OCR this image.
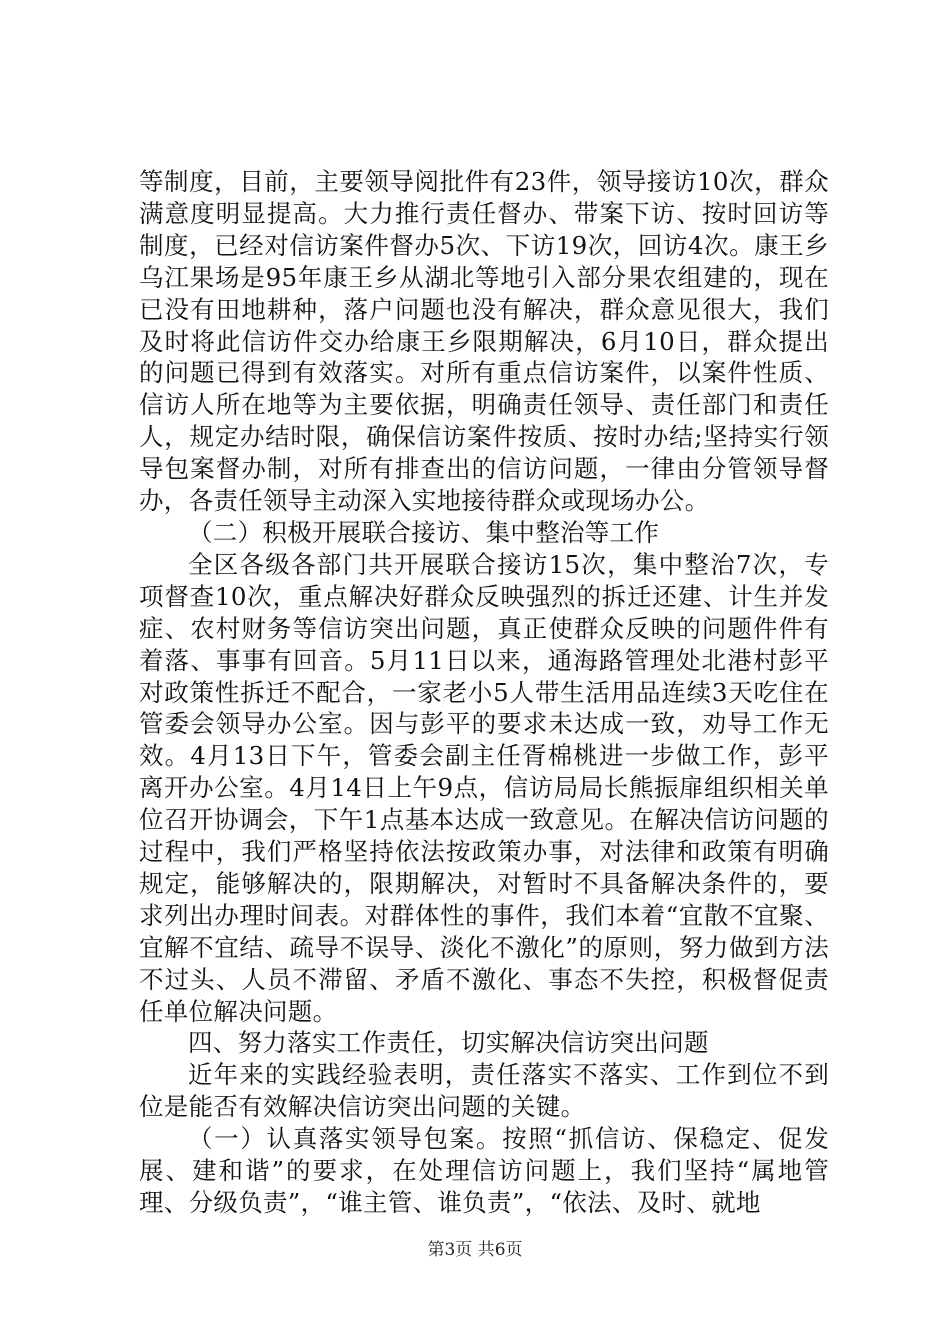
等制度，目前，主要领导阅批件有23件，领导接访10次，群众满意度明显提高。大力推行责任督办、带案下访、按时回访等制度，已经对信访案件督办5次、下访19次，回访4次。康王乡乌江果场是95年康王乡从湖北等地引入部分果农组建的，现在已没有田地耕种，落户问题也没有解决，群众意见很大，我们及时将此信访件交办给康王乡限期解决，6月10日，群众提出的问题已得到有效落实。对所有重点信访案件，以案件性质、信访人所在地等为主要依据，明确责任领导、责任部门和责任人，规定办结时限，确保信访案件按质、按时办结;坚持实行领导包案督办制，对所有排查出的信访问题，一律由分管领导督办，各责任领导主动深入实地接待群众或现场办公。

（二）积极开展联合接访、集中整治等工作

全区各级各部门共开展联合接访15次，集中整治7次，专项督查10次，重点解决好群众反映强烈的拆迁还建、计生并发症、农村财务等信访突出问题，真正使群众反映的问题件件有着落、事事有回音。5月11日以来，通海路管理处北港村彭平对政策性拆迁不配合，一家老小5人带生活用品连续3天吃住在管委会领导办公室。因与彭平的要求未达成一致，劝导工作无效。4月13日下午，管委会副主任胥棉桃进一步做工作，彭平离开办公室。4月14日上午9点，信访局局长熊振扉组织相关单位召开协调会，下午1点基本达成一致意见。在解决信访问题的过程中，我们严格坚持依法按政策办事，对法律和政策有明确规定，能够解决的，限期解决，对暂时不具备解决条件的，要求列出办理时间表。对群体性的事件，我们本着“宜散不宜聚、宜解不宜结、疏导不误导、淡化不激化”的原则，努力做到方法不过头、人员不滞留、矛盾不激化、事态不失控，积极督促责任单位解决问题。

四、努力落实工作责任，切实解决信访突出问题

近年来的实践经验表明，责任落实不落实、工作到位不到位是能否有效解决信访突出问题的关键。

（一）认真落实领导包案。按照“抓信访、保稳定、促发展、建和谐”的要求，在处理信访问题上，我们坚持“属地管理、分级负责”，“谁主管、谁负责”，“依法、及时、就地

第3页 共6页
